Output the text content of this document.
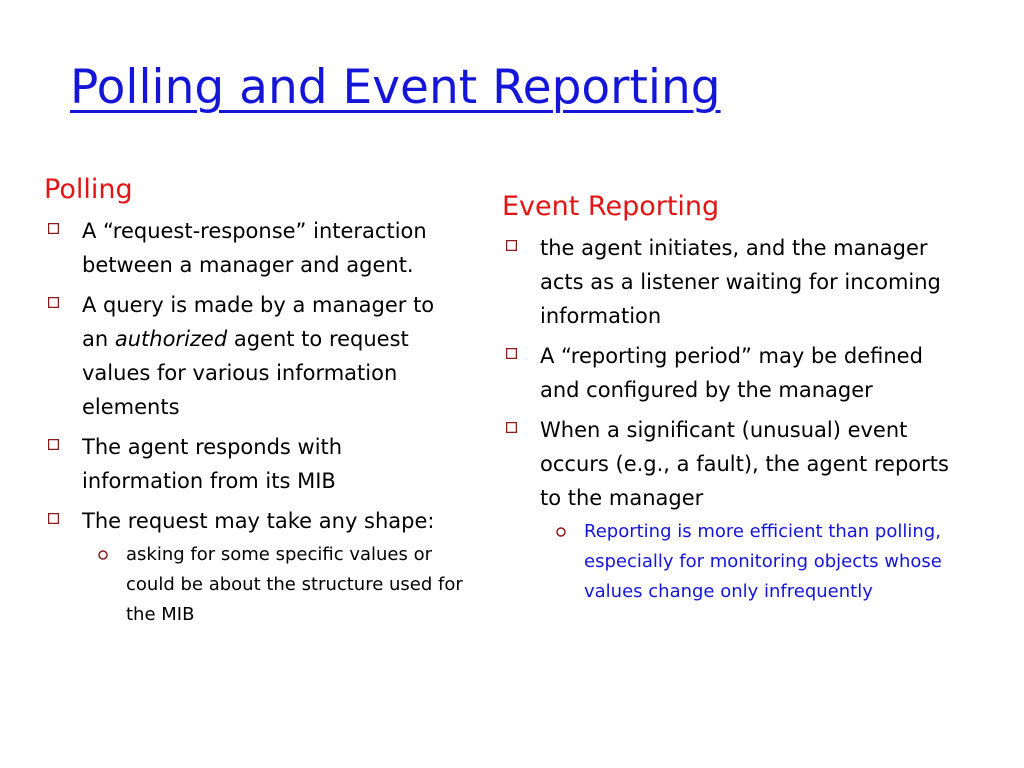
Polling and Event Reporting
Polling
A “request-response” interaction between a manager and agent.
A query is made by a manager to an authorized agent to request values for various information elements
The agent responds with information from its MIB
The request may take any shape:
asking for some specific values or could be about the structure used for the MIB
Event Reporting
the agent initiates, and the manager acts as a listener waiting for incoming information
A “reporting period” may be defined and configured by the manager
When a significant (unusual) event occurs (e.g., a fault), the agent reports to the manager
Reporting is more efficient than polling, especially for monitoring objects whose values change only infrequently
